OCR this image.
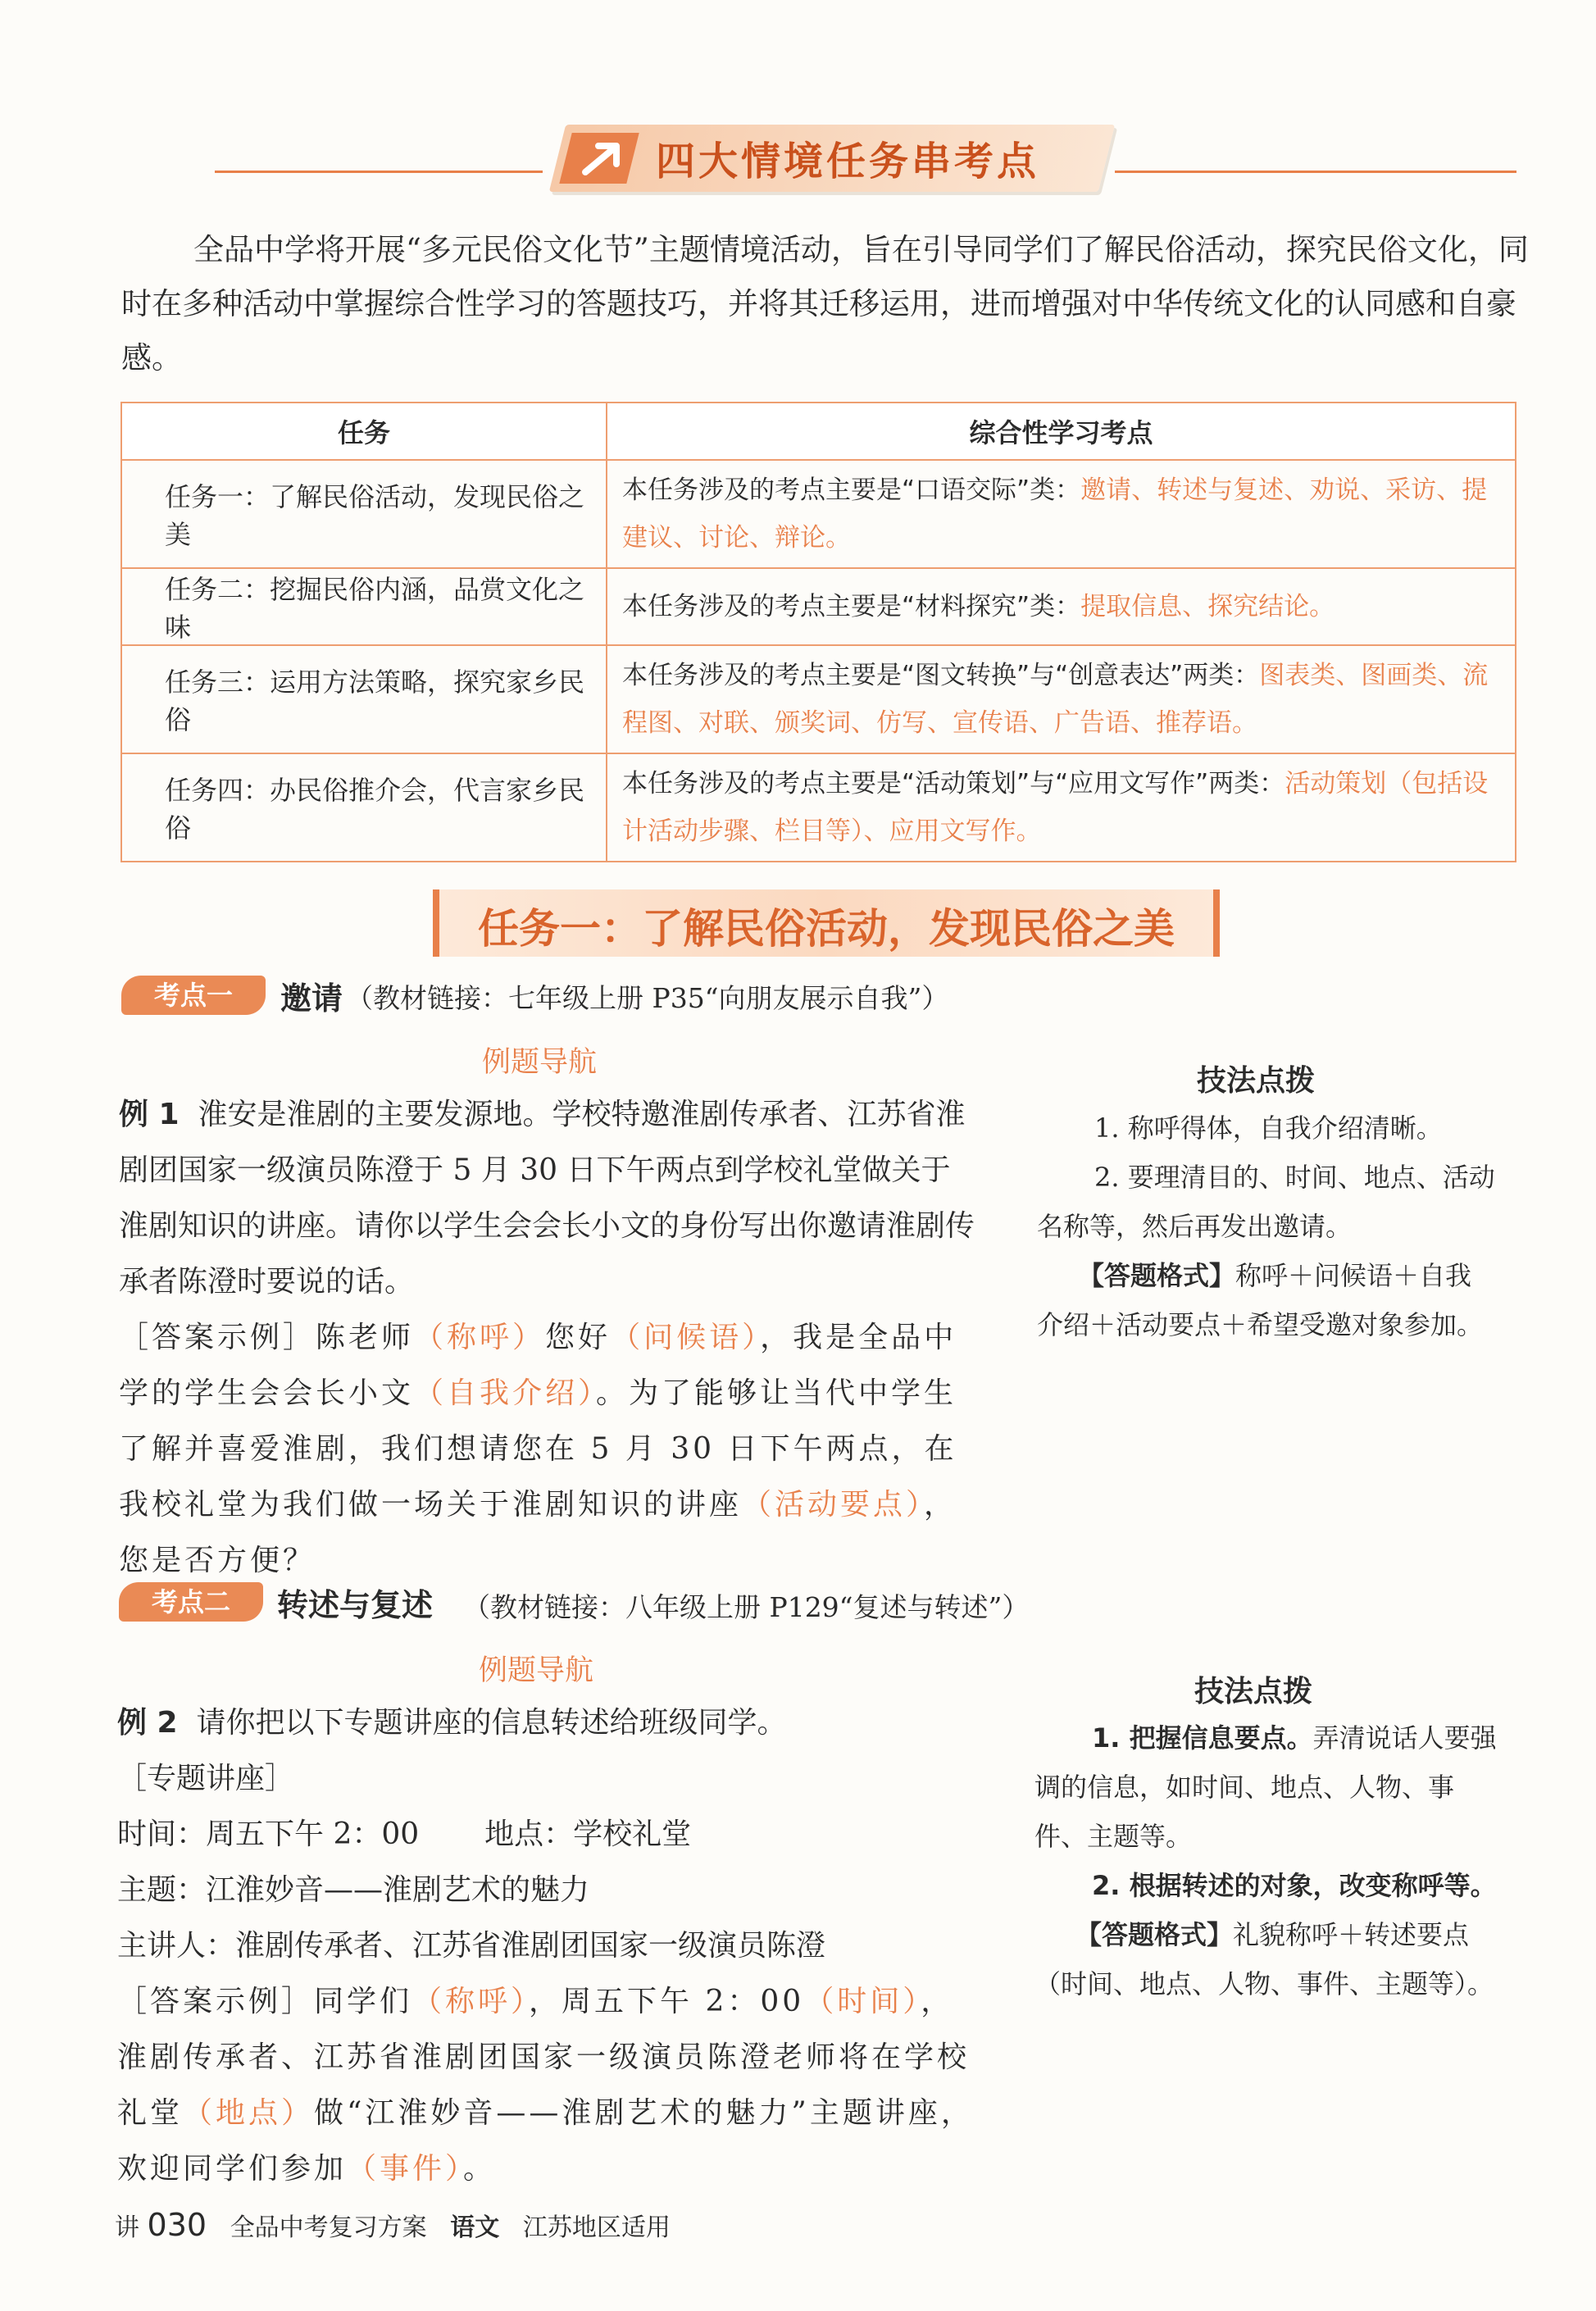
四大情境任务串考点

全品中学将开展“多元民俗文化节”主题情境活动，旨在引导同学们了解民俗活动，探究民俗文化，同时在多种活动中掌握综合性学习的答题技巧，并将其迁移运用，进而增强对中华传统文化的认同感和自豪感。

任务	综合性学习考点
任务一：了解民俗活动，发现民俗之美	本任务涉及的考点主要是“口语交际”类：邀请、转述与复述、劝说、采访、提建议、讨论、辩论。
任务二：挖掘民俗内涵，品赏文化之味	本任务涉及的考点主要是“材料探究”类：提取信息、探究结论。
任务三：运用方法策略，探究家乡民俗	本任务涉及的考点主要是“图文转换”与“创意表达”两类：图表类、图画类、流程图、对联、颁奖词、仿写、宣传语、广告语、推荐语。
任务四：办民俗推介会，代言家乡民俗	本任务涉及的考点主要是“活动策划”与“应用文写作”两类：活动策划（包括设计活动步骤、栏目等）、应用文写作。
任务一：了解民俗活动，发现民俗之美
考点一	邀请 （教材链接：七年级上册 P35“向朋友展示自我”）
例题导航
技法点拨

例 1 淮安是淮剧的主要发源地。学校特邀淮剧传承者、江苏省淮剧团国家一级演员陈澄于 5 月 30 日下午两点到学校礼堂做关于淮剧知识的讲座。请你以学生会会长小文的身份写出你邀请淮剧传承者陈澄时要说的话。

［答案示例］陈老师（称呼）您好（问候语），我是全品中学的学生会会长小文（自我介绍）。为了能够让当代中学生了解并喜爱淮剧，我们想请您在 5 月 30 日下午两点，在我校礼堂为我们做一场关于淮剧知识的讲座（活动要点），您是否方便？

1. 称呼得体，自我介绍清晰。

2. 要理清目的、时间、地点、活动名称等，然后再发出邀请。

【答题格式】称呼＋问候语＋自我介绍＋活动要点＋希望受邀对象参加。

考点二	转述与复述 （教材链接：八年级上册 P129“复述与转述”）
例题导航
技法点拨

例 2 请你把以下专题讲座的信息转述给班级同学。

［专题讲座］

时间：周五下午 2：00 地点：学校礼堂

主题：江淮妙音——淮剧艺术的魅力

主讲人：淮剧传承者、江苏省淮剧团国家一级演员陈澄

［答案示例］同学们（称呼），周五下午 2：00（时间），淮剧传承者、江苏省淮剧团国家一级演员陈澄老师将在学校礼堂（地点）做“江淮妙音——淮剧艺术的魅力”主题讲座，欢迎同学们参加（事件）。

1. 把握信息要点。弄清说话人要强调的信息，如时间、地点、人物、事件、主题等。

2. 根据转述的对象，改变称呼等。

【答题格式】礼貌称呼＋转述要点（时间、地点、人物、事件、主题等）。

讲 030 全品中考复习方案 语文 江苏地区适用
